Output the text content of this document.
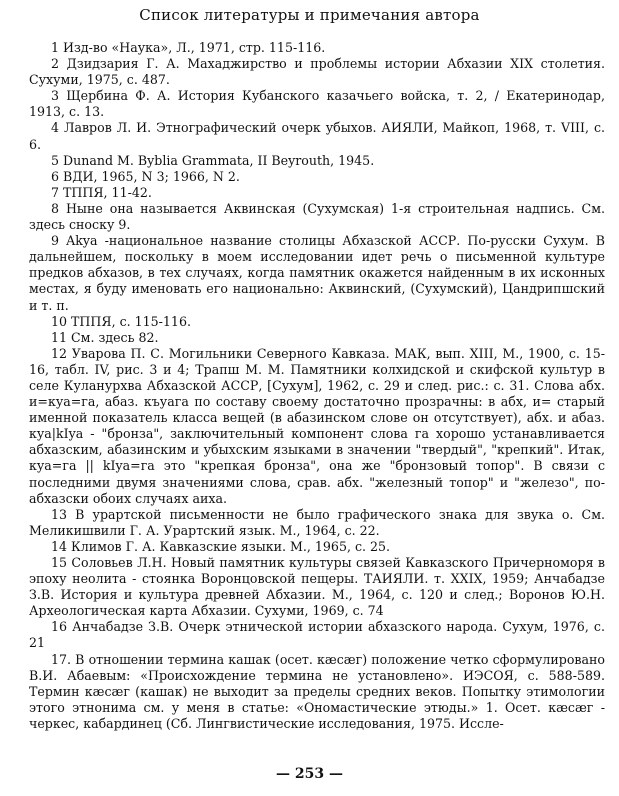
Список литературы и примечания автора

1 Изд-во «Наука», Л., 1971, стр. 115-116.

2 Дзидзария Г. А. Махаджирство и проблемы истории Абхазии XIX столетия. Сухуми, 1975, с. 487.

3 Щербина Ф. А. История Кубанского казачьего войска, т. 2, / Екатеринодар, 1913, с. 13.

4 Лавров Л. И. Этнографический очерк убыхов. АИЯЛИ, Майкоп, 1968, т. VIII, с. 6.

5 Dunand M. Byblia Grammata, II Beyrouth, 1945.

6 ВДИ, 1965, N 3; 1966, N 2.

7 ТППЯ, 11-42.

8 Ныне она называется Аквинская (Сухумская) 1-я строительная надпись. См. здесь сноску 9.

9 Akya -национальное название столицы Абхазской АССР. По-русски Сухум. В дальнейшем, поскольку в моем исследовании идет речь о письменной культуре предков абхазов, в тех случаях, когда памятник окажется найденным в их исконных местах, я буду именовать его национально: Аквинский, (Сухумский), Цандрипшский и т. п.

10 ТППЯ, с. 115-116.

11 См. здесь 82.

12 Уварова П. С. Могильники Северного Кавказа. МАК, вып. XIII, М., 1900, с. 15-16, табл. IV, рис. 3 и 4; Трапш М. М. Памятники колхидской и скифской культур в селе Куланурхва Абхазской АССР, [Сухум], 1962, с. 29 и след. рис.: с. 31. Слова абх. и=куа=га, абаз. къуага по составу своему достаточно прозрачны: в абх, и= старый именной показатель класса вещей (в абазинском слове он отсутствует), абх. и абаз. куа|kIya - "бронза", заключительный компонент слова га хорошо устанавливается абхазским, абазинским и убыхским языками в значении "твердый", "крепкий". Итак, куа=га || kIya=га это "крепкая бронза", она же "бронзовый топор". В связи с последними двумя значениями слова, срав. абх. "железный топор" и "железо", по-абхазски обоих случаях аиха.

13 В урартской письменности не было графического знака для звука о. См. Меликишвили Г. А. Урартский язык. М., 1964, с. 22.

14 Климов Г. А. Кавказские языки. М., 1965, с. 25.

15 Соловьев Л.Н. Новый памятник культуры связей Кавказского Причерноморя в эпоху неолита - стоянка Воронцовской пещеры. ТАИЯЛИ. т. XXIX, 1959; Анчабадзе З.В. История и культура древней Абхазии. М., 1964, с. 120 и след.; Воронов Ю.Н. Археологическая карта Абхазии. Сухуми, 1969, с. 74

16 Анчабадзе З.В. Очерк этнической истории абхазского народа. Сухум, 1976, с. 21

17. В отношении термина кашак (осет. кæсæг) положение четко сформулировано В.И. Абаевым: «Происхождение термина не установлено». ИЭСОЯ, с. 588-589. Термин кæсæг (кашак) не выходит за пределы средних веков. Попытку этимологии этого этнонима см. у меня в статье: «Ономастические этюды.» 1. Осет. кæсæг - черкес, кабардинец (Сб. Лингвистические исследования, 1975. Иссле-

— 253 —
